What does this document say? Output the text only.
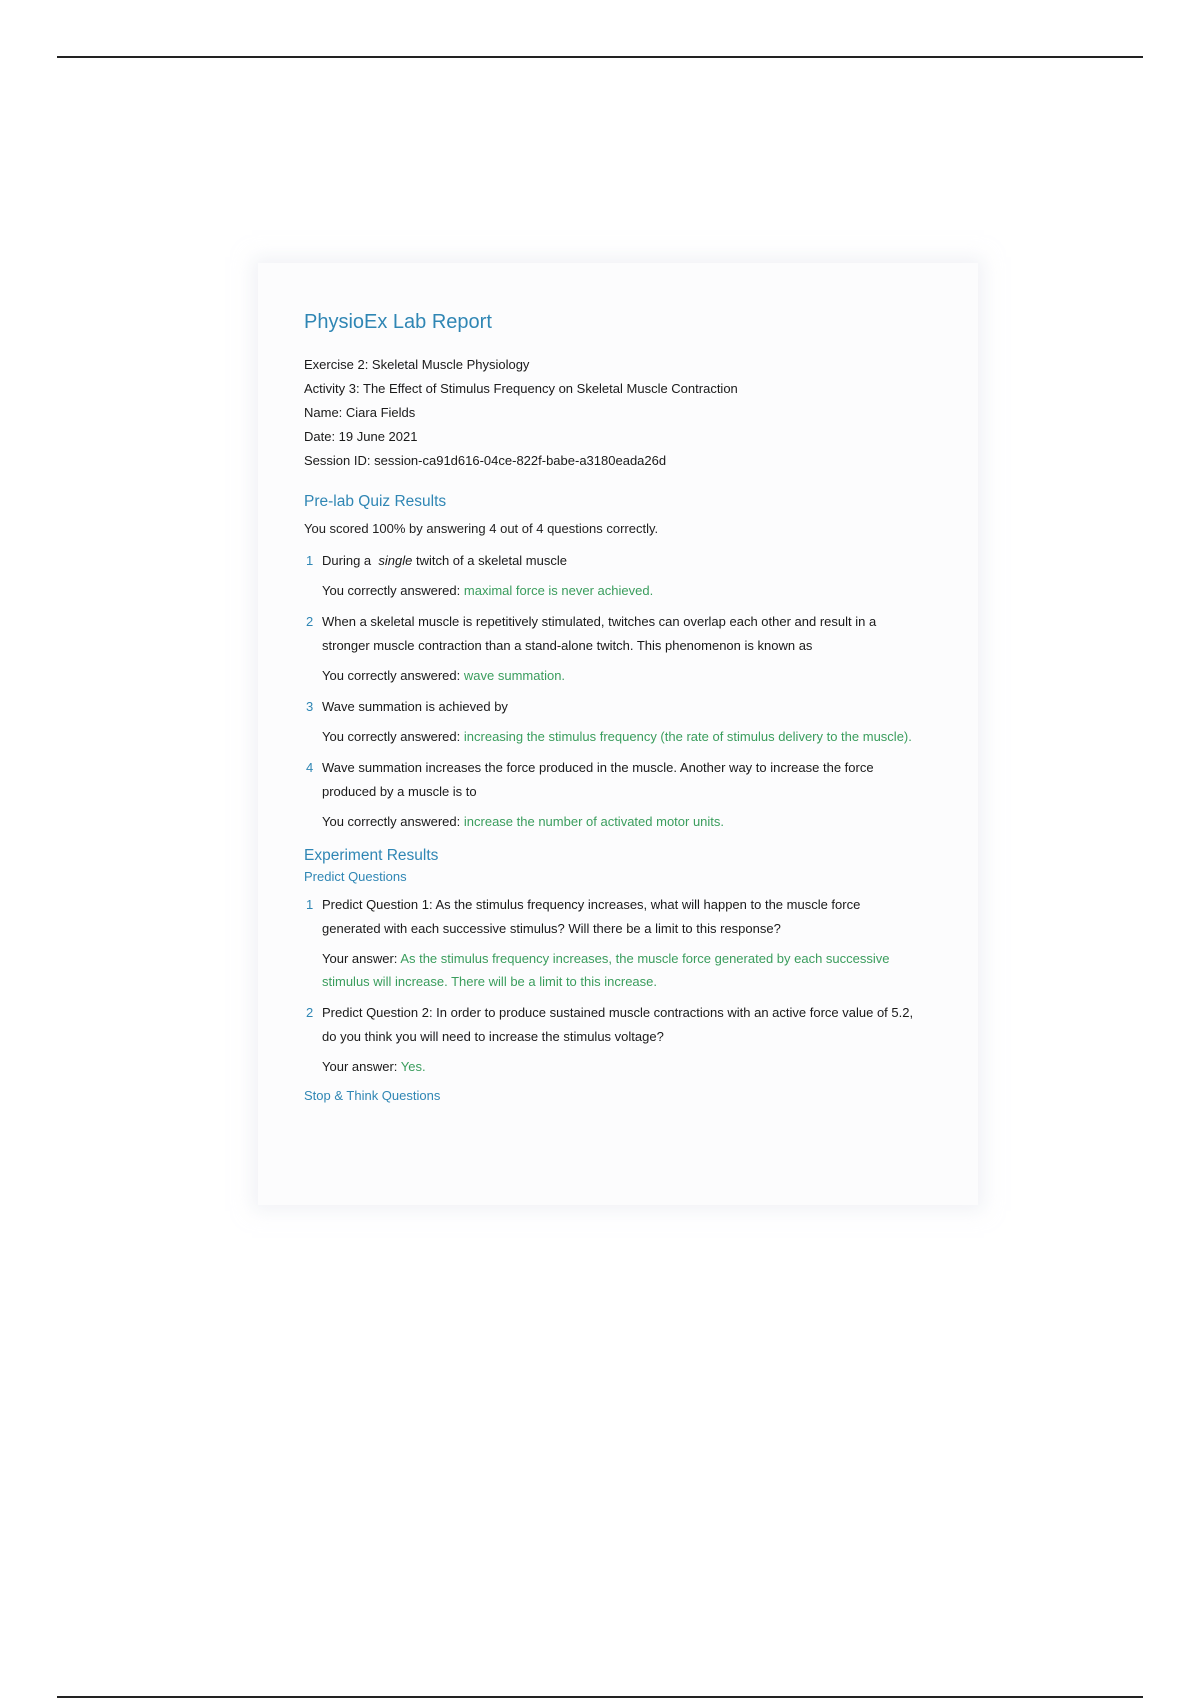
PhysioEx Lab Report
Exercise 2: Skeletal Muscle Physiology
Activity 3: The Effect of Stimulus Frequency on Skeletal Muscle Contraction
Name: Ciara Fields
Date: 19 June 2021
Session ID: session-ca91d616-04ce-822f-babe-a3180eada26d
Pre-lab Quiz Results
You scored 100% by answering 4 out of 4 questions correctly.
1 During a single twitch of a skeletal muscle
You correctly answered: maximal force is never achieved.
2 When a skeletal muscle is repetitively stimulated, twitches can overlap each other and result in a stronger muscle contraction than a stand-alone twitch. This phenomenon is known as
You correctly answered: wave summation.
3 Wave summation is achieved by
You correctly answered: increasing the stimulus frequency (the rate of stimulus delivery to the muscle).
4 Wave summation increases the force produced in the muscle. Another way to increase the force produced by a muscle is to
You correctly answered: increase the number of activated motor units.
Experiment Results
Predict Questions
1 Predict Question 1: As the stimulus frequency increases, what will happen to the muscle force generated with each successive stimulus? Will there be a limit to this response?
Your answer: As the stimulus frequency increases, the muscle force generated by each successive stimulus will increase. There will be a limit to this increase.
2 Predict Question 2: In order to produce sustained muscle contractions with an active force value of 5.2, do you think you will need to increase the stimulus voltage?
Your answer: Yes.
Stop & Think Questions
